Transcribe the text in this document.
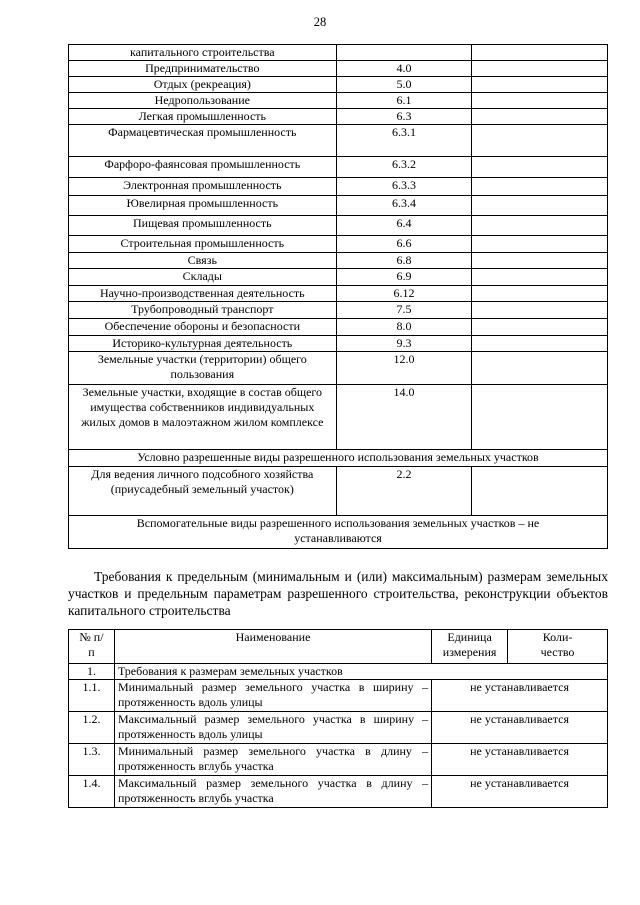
28
капитального строительства		
Предпринимательство	4.0	
Отдых (рекреация)	5.0	
Недропользование	6.1	
Легкая промышленность	6.3	
Фармацевтическая промышленность	6.3.1	
Фарфоро-фаянсовая промышленность	6.3.2	
Электронная промышленность	6.3.3	
Ювелирная промышленность	6.3.4	
Пищевая промышленность	6.4	
Строительная промышленность	6.6	
Связь	6.8	
Склады	6.9	
Научно-производственная деятельность	6.12	
Трубопроводный транспорт	7.5	
Обеспечение обороны и безопасности	8.0	
Историко-культурная деятельность	9.3	
Земельные участки (территории) общего пользования	12.0	
Земельные участки, входящие в состав общего имущества собственников индивидуальных жилых домов в малоэтажном жилом комплексе	14.0	
Условно разрешенные виды разрешенного использования земельных участков		
Для ведения личного подсобного хозяйства (приусадебный земельный участок)	2.2	
Вспомогательные виды разрешенного использования земельных участков – не устанавливаются		
Требования к предельным (минимальным и (или) максимальным) размерам земельных участков и предельным параметрам разрешенного строительства, реконструкции объектов капитального строительства
№ п/п	Наименование	Единица измерения	Коли- чество
1.	Требования к размерам земельных участков		
1.1.	Минимальный размер земельного участка в ширину – протяженность вдоль улицы	не устанавливается	
1.2.	Максимальный размер земельного участка в ширину – протяженность вдоль улицы	не устанавливается	
1.3.	Минимальный размер земельного участка в длину – протяженность вглубь участка	не устанавливается	
1.4.	Максимальный размер земельного участка в длину – протяженность вглубь участка	не устанавливается	
